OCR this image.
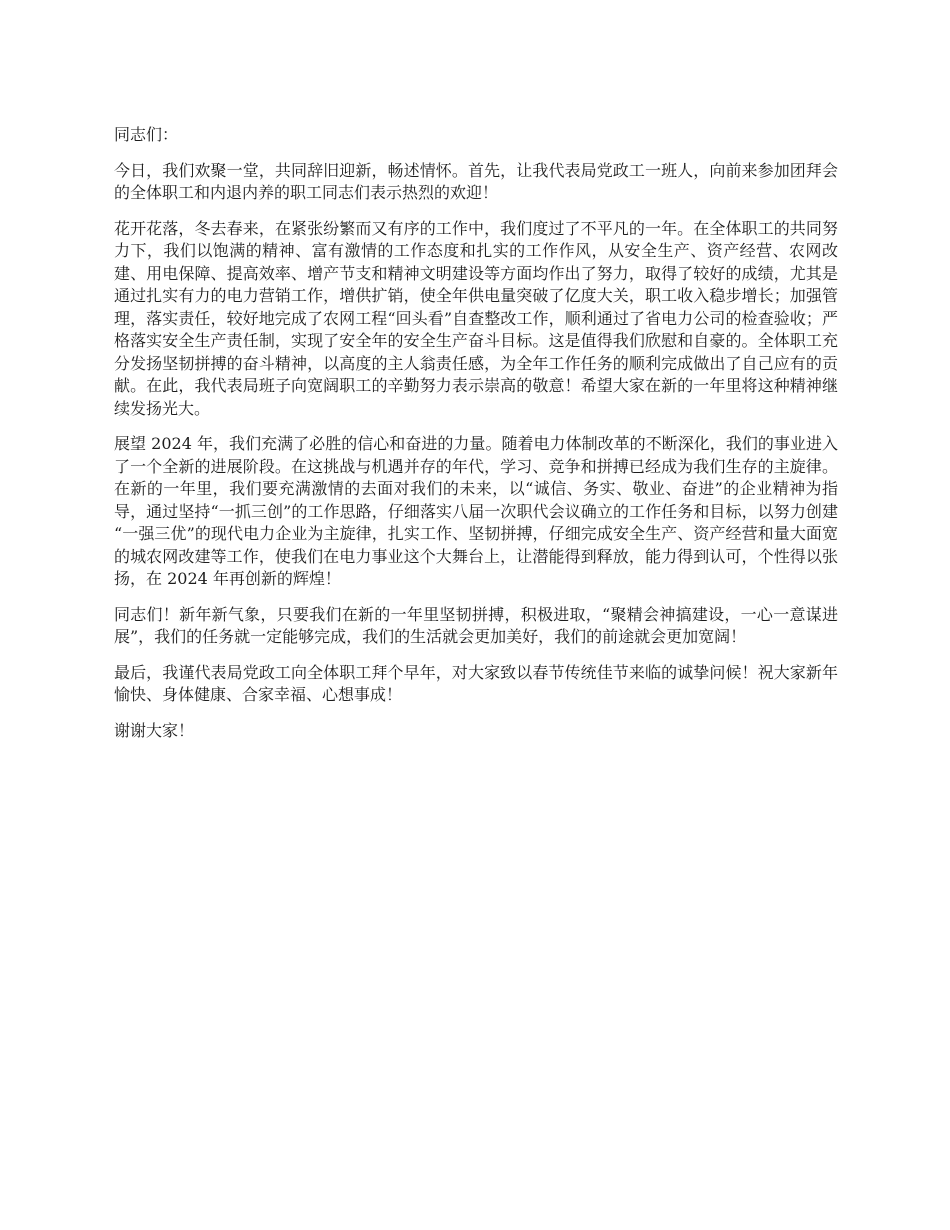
同志们：

今日，我们欢聚一堂，共同辞旧迎新，畅述情怀。首先，让我代表局党政工一班人，向前来参加团拜会的全体职工和内退内养的职工同志们表示热烈的欢迎！

花开花落，冬去春来，在紧张纷繁而又有序的工作中，我们度过了不平凡的一年。在全体职工的共同努力下，我们以饱满的精神、富有激情的工作态度和扎实的工作作风，从安全生产、资产经营、农网改建、用电保障、提高效率、增产节支和精神文明建设等方面均作出了努力，取得了较好的成绩，尤其是通过扎实有力的电力营销工作，增供扩销，使全年供电量突破了亿度大关，职工收入稳步增长；加强管理，落实责任，较好地完成了农网工程“回头看”自查整改工作，顺利通过了省电力公司的检查验收；严格落实安全生产责任制，实现了安全年的安全生产奋斗目标。这是值得我们欣慰和自豪的。全体职工充分发扬坚韧拼搏的奋斗精神，以高度的主人翁责任感，为全年工作任务的顺利完成做出了自己应有的贡献。在此，我代表局班子向宽阔职工的辛勤努力表示崇高的敬意！希望大家在新的一年里将这种精神继续发扬光大。

展望 2024 年，我们充满了必胜的信心和奋进的力量。随着电力体制改革的不断深化，我们的事业进入了一个全新的进展阶段。在这挑战与机遇并存的年代，学习、竞争和拼搏已经成为我们生存的主旋律。在新的一年里，我们要充满激情的去面对我们的未来，以“诚信、务实、敬业、奋进”的企业精神为指导，通过坚持“一抓三创”的工作思路，仔细落实八届一次职代会议确立的工作任务和目标，以努力创建 “一强三优”的现代电力企业为主旋律，扎实工作、坚韧拼搏，仔细完成安全生产、资产经营和量大面宽的城农网改建等工作，使我们在电力事业这个大舞台上，让潜能得到释放，能力得到认可，个性得以张扬，在 2024 年再创新的辉煌！

同志们！新年新气象，只要我们在新的一年里坚韧拼搏，积极进取，“聚精会神搞建设，一心一意谋进展”，我们的任务就一定能够完成，我们的生活就会更加美好，我们的前途就会更加宽阔！

最后，我谨代表局党政工向全体职工拜个早年，对大家致以春节传统佳节来临的诚挚问候！祝大家新年愉快、身体健康、合家幸福、心想事成！

谢谢大家！
